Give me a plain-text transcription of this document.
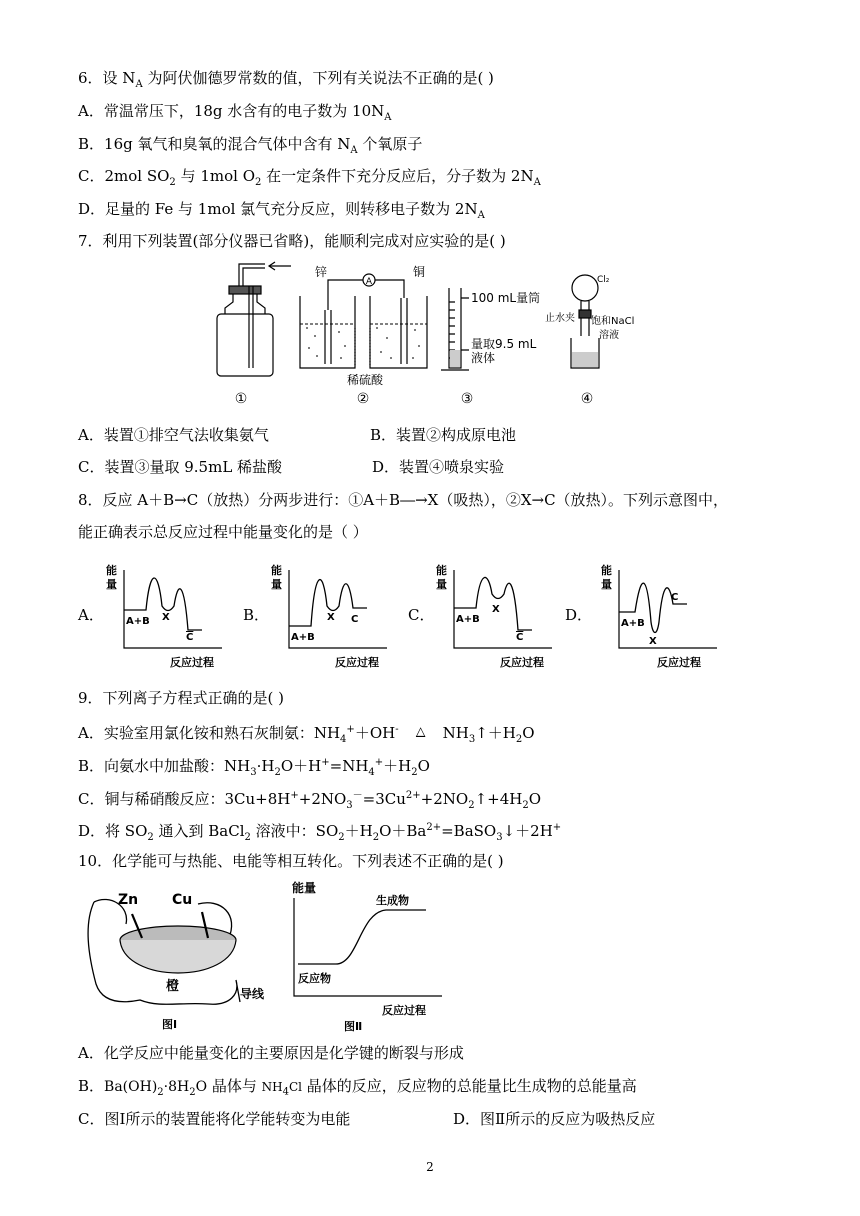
6．设 $N_A$ 为阿伏伽德罗常数的值，下列有关说法不正确的是( )
A．常温常压下，18g 水含有的电子数为 $10N_A$
B．16g 氧气和臭氧的混合气体中含有 $N_A$ 个氧原子
C．2mol $SO_2$ 与 1mol $O_2$ 在一定条件下充分反应后，分子数为 $2N_A$
D．足量的 Fe 与 1mol 氯气充分反应，则转移电子数为 $2N_A$
7．利用下列装置(部分仪器已省略)，能顺利完成对应实验的是( )
①
A
锌	铜
稀硫酸
②
100 mL量筒
量取9.5 mL
液体
③
Cl₂
止水夹 饱和NaCl
溶液
④
A．装置①排空气法收集氨气	B．装置②构成原电池
C．装置③量取 9.5mL 稀盐酸	D．装置④喷泉实验
8．反应 A＋B→C（放热）分两步进行：①A＋B―→X（吸热），②X→C（放热）。下列示意图中，
能正确表示总反应过程中能量变化的是（ ）
A．	B．	C．	D．
能
量
A+B X
C
反应过程
能
量
A+B
X C
反应过程
能
量
A+B
X
C
反应过程
能
量
A+B
X
C
反应过程
9．下列离子方程式正确的是( )
A．实验室用氯化铵和熟石灰制氨：$NH_4^++OH^-$ △ $NH_3↑+H_2O$
B．向氨水中加盐酸：$NH_3\cdot H_2O+H^+=NH_4^++H_2O$
C．铜与稀硝酸反应：$3Cu+8H^++2NO_3^-=3Cu^{2+}+2NO_2↑+4H_2O$
D．将 $SO_2$ 通入到 BaCl$_2$ 溶液中：$SO_2+H_2O+Ba^{2+}=BaSO_3↓+2H^+$
10．化学能可与热能、电能等相互转化。下列表述不正确的是( )
Zn Cu
橙	导线
图Ⅰ
能量
生成物
反应物
反应过程
图Ⅱ
A．化学反应中能量变化的主要原因是化学键的断裂与形成
B．$Ba(OH)_2\cdot 8H_2O$ 晶体与 $NH_4Cl$ 晶体的反应，反应物的总能量比生成物的总能量高
C．图Ⅰ所示的装置能将化学能转变为电能	D．图Ⅱ所示的反应为吸热反应
2
